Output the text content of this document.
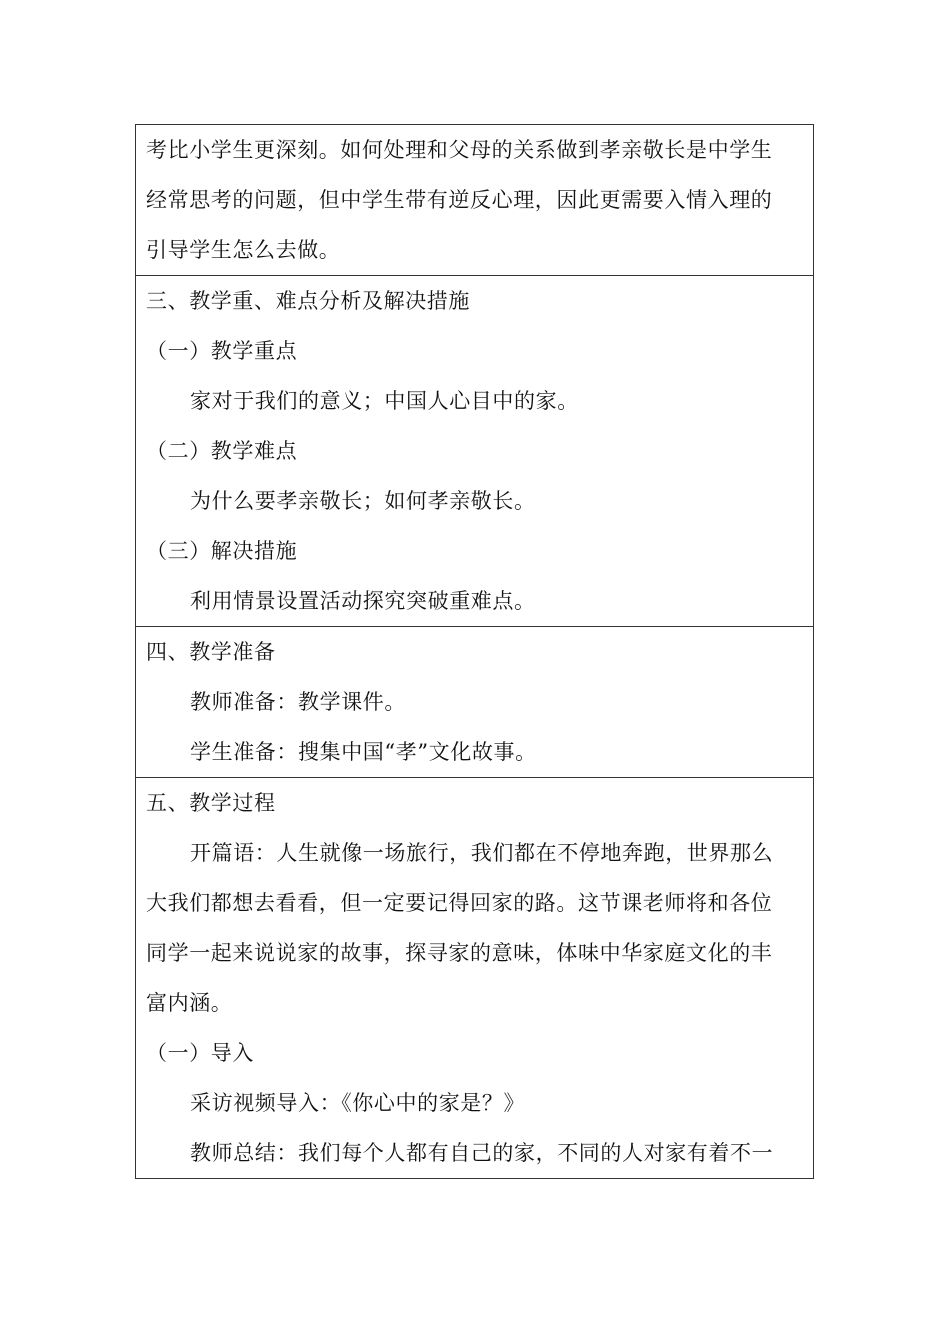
考比小学生更深刻。如何处理和父母的关系做到孝亲敬长是中学生
经常思考的问题，但中学生带有逆反心理，因此更需要入情入理的
引导学生怎么去做。
三、教学重、难点分析及解决措施
（一）教学重点
家对于我们的意义；中国人心目中的家。
（二）教学难点
为什么要孝亲敬长；如何孝亲敬长。
（三）解决措施
利用情景设置活动探究突破重难点。
四、教学准备
教师准备：教学课件。
学生准备：搜集中国“孝”文化故事。
五、教学过程
开篇语：人生就像一场旅行，我们都在不停地奔跑，世界那么
大我们都想去看看，但一定要记得回家的路。这节课老师将和各位
同学一起来说说家的故事，探寻家的意味，体味中华家庭文化的丰
富内涵。
（一）导入
采访视频导入：《你心中的家是？》
教师总结：我们每个人都有自己的家，不同的人对家有着不一
